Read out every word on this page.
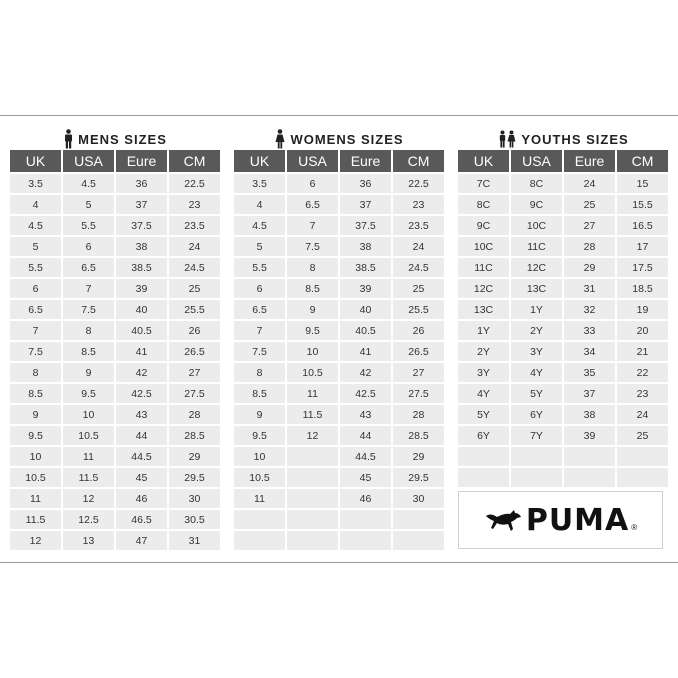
MENS SIZES
UK	USA	Eure	CM
3.5	4.5	36	22.5
4	5	37	23
4.5	5.5	37.5	23.5
5	6	38	24
5.5	6.5	38.5	24.5
6	7	39	25
6.5	7.5	40	25.5
7	8	40.5	26
7.5	8.5	41	26.5
8	9	42	27
8.5	9.5	42.5	27.5
9	10	43	28
9.5	10.5	44	28.5
10	11	44.5	29
10.5	11.5	45	29.5
11	12	46	30
11.5	12.5	46.5	30.5
12	13	47	31
WOMENS SIZES
UK	USA	Eure	CM
3.5	6	36	22.5
4	6.5	37	23
4.5	7	37.5	23.5
5	7.5	38	24
5.5	8	38.5	24.5
6	8.5	39	25
6.5	9	40	25.5
7	9.5	40.5	26
7.5	10	41	26.5
8	10.5	42	27
8.5	11	42.5	27.5
9	11.5	43	28
9.5	12	44	28.5
10		44.5	29
10.5		45	29.5
11		46	30

YOUTHS SIZES
UK	USA	Eure	CM
7C	8C	24	15
8C	9C	25	15.5
9C	10C	27	16.5
10C	11C	28	17
11C	12C	29	17.5
12C	13C	31	18.5
13C	1Y	32	19
1Y	2Y	33	20
2Y	3Y	34	21
3Y	4Y	35	22
4Y	5Y	37	23
5Y	6Y	38	24
6Y	7Y	39	25

PUMA ®
